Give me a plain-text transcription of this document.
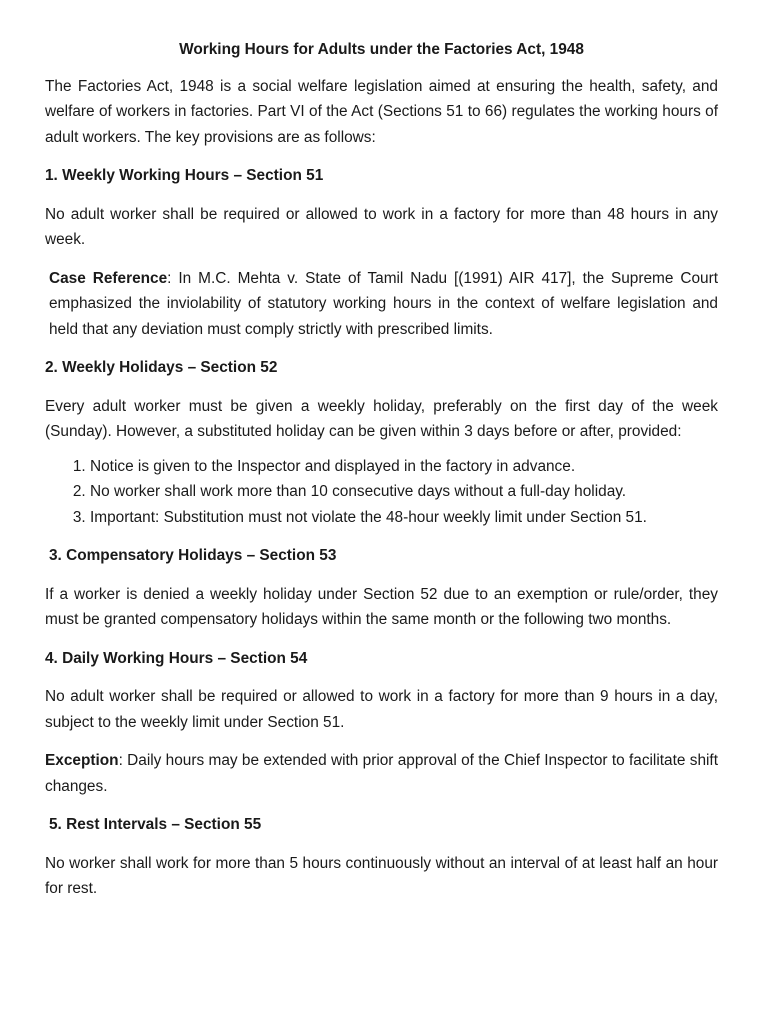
Working Hours for Adults under the Factories Act, 1948

The Factories Act, 1948 is a social welfare legislation aimed at ensuring the health, safety, and welfare of workers in factories. Part VI of the Act (Sections 51 to 66) regulates the working hours of adult workers. The key provisions are as follows:

1. Weekly Working Hours – Section 51

No adult worker shall be required or allowed to work in a factory for more than 48 hours in any week.

Case Reference: In M.C. Mehta v. State of Tamil Nadu [(1991) AIR 417], the Supreme Court emphasized the inviolability of statutory working hours in the context of welfare legislation and held that any deviation must comply strictly with prescribed limits.

2. Weekly Holidays – Section 52

Every adult worker must be given a weekly holiday, preferably on the first day of the week (Sunday). However, a substituted holiday can be given within 3 days before or after, provided:

1. Notice is given to the Inspector and displayed in the factory in advance.
2. No worker shall work more than 10 consecutive days without a full-day holiday.
3. Important: Substitution must not violate the 48-hour weekly limit under Section 51.
3. Compensatory Holidays – Section 53

If a worker is denied a weekly holiday under Section 52 due to an exemption or rule/order, they must be granted compensatory holidays within the same month or the following two months.

4. Daily Working Hours – Section 54

No adult worker shall be required or allowed to work in a factory for more than 9 hours in a day, subject to the weekly limit under Section 51.

Exception: Daily hours may be extended with prior approval of the Chief Inspector to facilitate shift changes.

5. Rest Intervals – Section 55

No worker shall work for more than 5 hours continuously without an interval of at least half an hour for rest.
